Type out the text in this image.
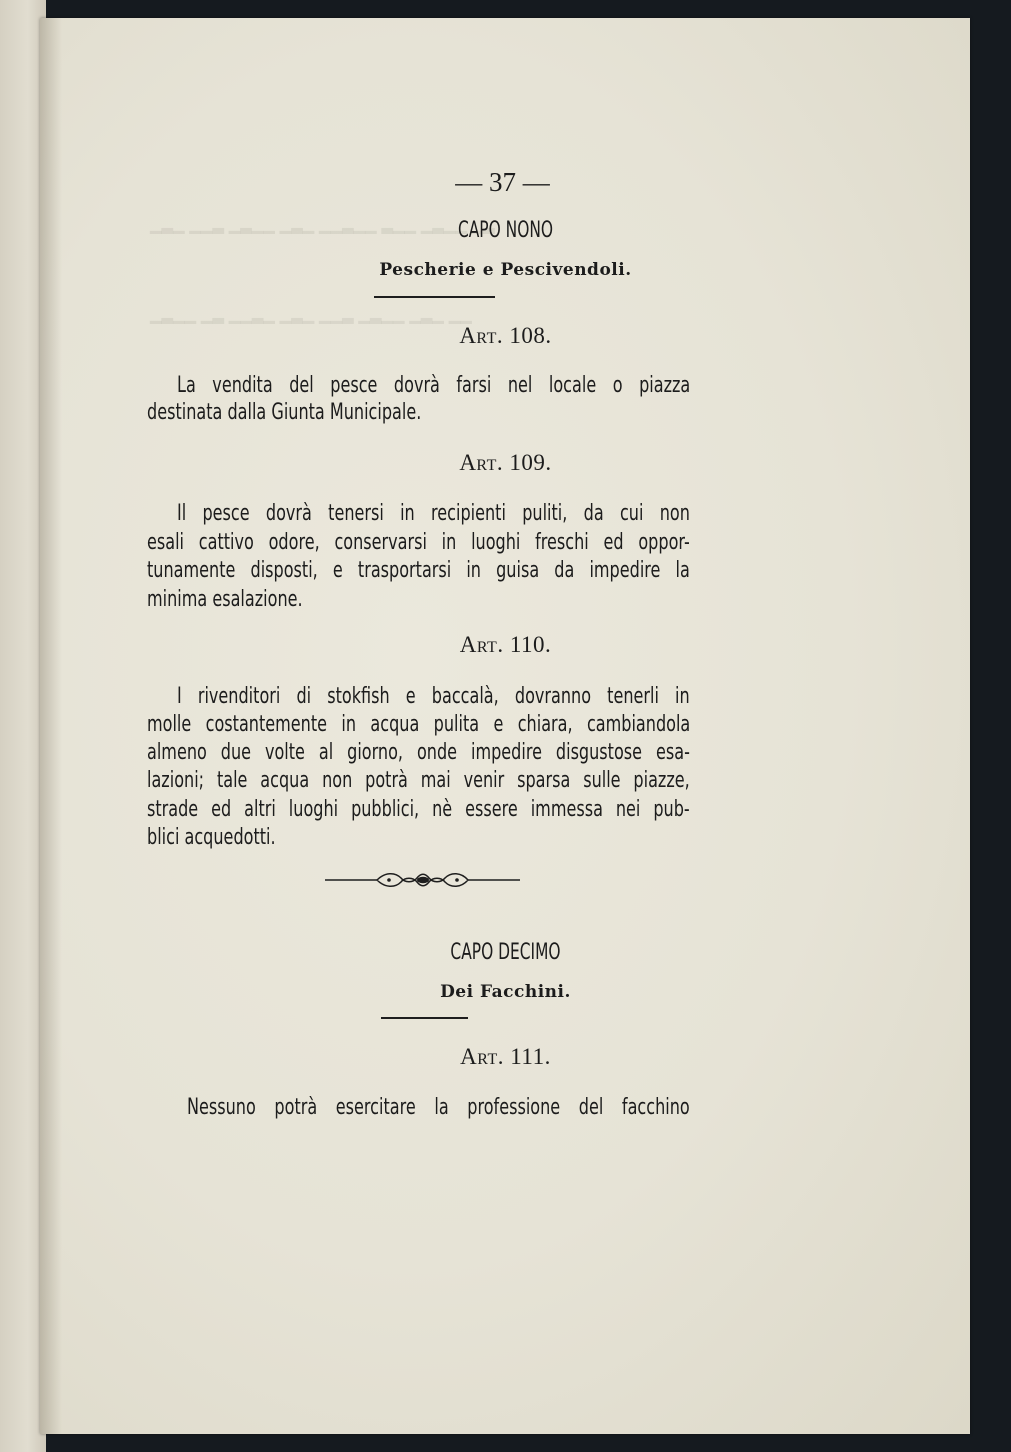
▁▂▁ ▁▁▂ ▁▂▁▁ ▁▂▁ ▁▁▂▁▁ ▂▁▁ ▁▂▁▁ ▁▂
▁▂▁▁ ▁▂ ▁▁▂▁ ▁▂▁ ▁▁▂ ▁▂▁▁ ▁▂▁ ▁▁
— 37 —
CAPO NONO
Pescherie e Pescivendoli.
Art. 108.
La vendita del pesce dovrà farsi nel locale o piazza
destinata dalla Giunta Municipale.
Art. 109.
Il pesce dovrà tenersi in recipienti puliti, da cui non
esali cattivo odore, conservarsi in luoghi freschi ed oppor-
tunamente disposti, e trasportarsi in guisa da impedire la
minima esalazione.
Art. 110.
I rivenditori di stokfish e baccalà, dovranno tenerli in
molle costantemente in acqua pulita e chiara, cambiandola
almeno due volte al giorno, onde impedire disgustose esa-
lazioni; tale acqua non potrà mai venir sparsa sulle piazze,
strade ed altri luoghi pubblici, nè essere immessa nei pub-
blici acquedotti.
CAPO DECIMO
Dei Facchini.
Art. 111.
Nessuno potrà esercitare la professione del facchino
